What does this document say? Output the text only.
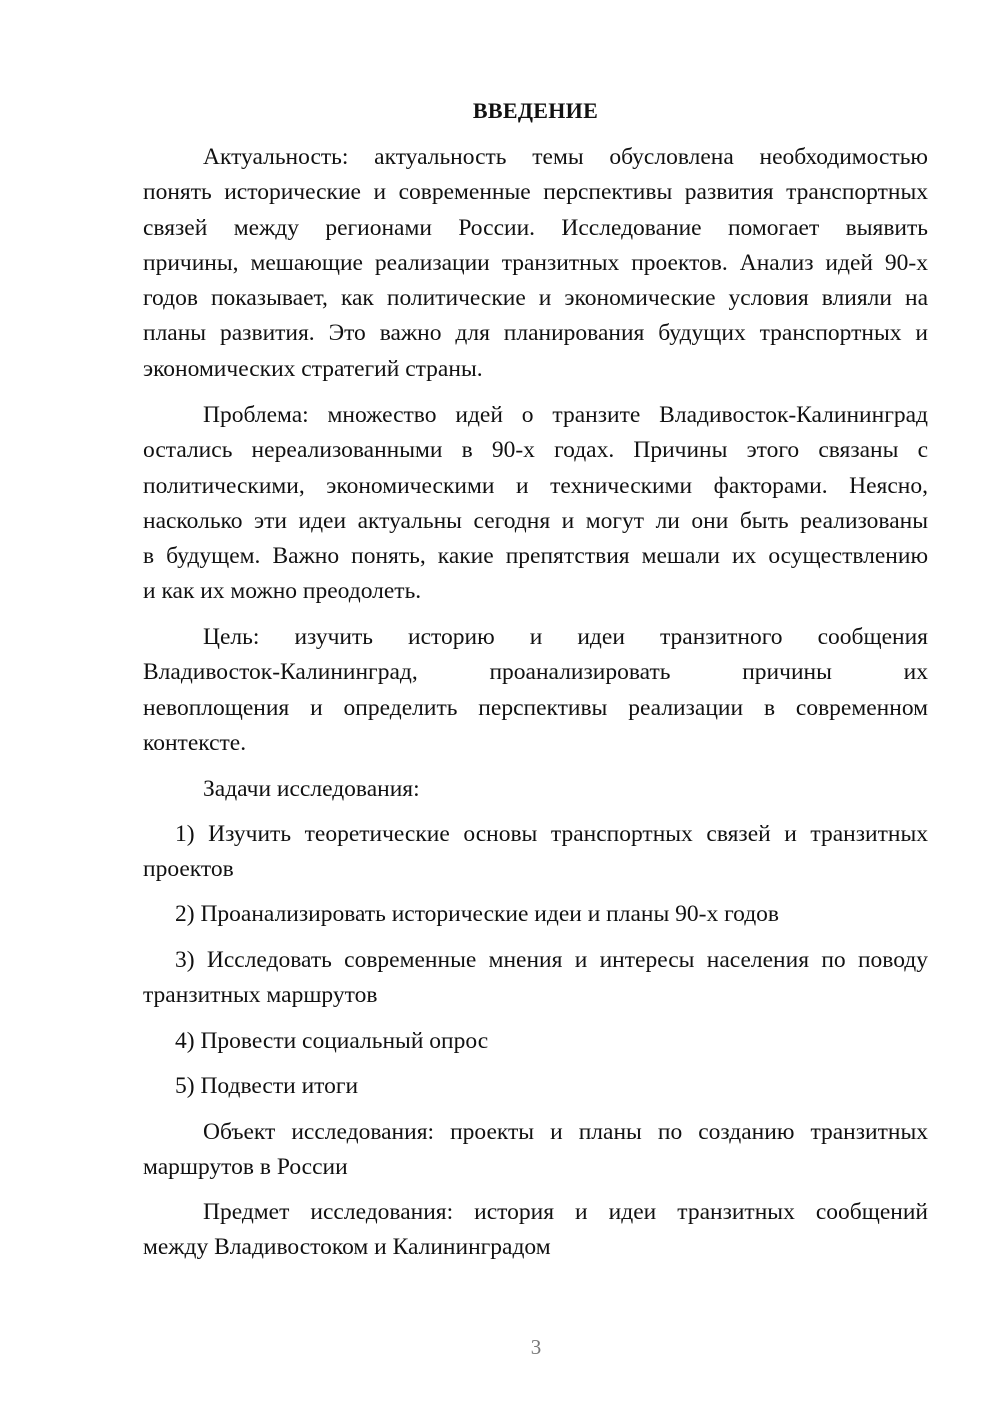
ВВЕДЕНИЕ
Актуальность: актуальность темы обусловлена необходимостью
понять исторические и современные перспективы развития транспортных
связей между регионами России. Исследование помогает выявить
причины, мешающие реализации транзитных проектов. Анализ идей 90-х
годов показывает, как политические и экономические условия влияли на
планы развития. Это важно для планирования будущих транспортных и
экономических стратегий страны.
Проблема: множество идей о транзите Владивосток-Калининград
остались нереализованными в 90-х годах. Причины этого связаны с
политическими, экономическими и техническими факторами. Неясно,
насколько эти идеи актуальны сегодня и могут ли они быть реализованы
в будущем. Важно понять, какие препятствия мешали их осуществлению
и как их можно преодолеть.
Цель: изучить историю и идеи транзитного сообщения
Владивосток-Калининград, проанализировать причины их
невоплощения и определить перспективы реализации в современном
контексте.
Задачи исследования:
1) Изучить теоретические основы транспортных связей и транзитных
проектов
2) Проанализировать исторические идеи и планы 90-х годов
3) Исследовать современные мнения и интересы населения по поводу
транзитных маршрутов
4) Провести социальный опрос
5) Подвести итоги
Объект исследования: проекты и планы по созданию транзитных
маршрутов в России
Предмет исследования: история и идеи транзитных сообщений
между Владивостоком и Калининградом
3
